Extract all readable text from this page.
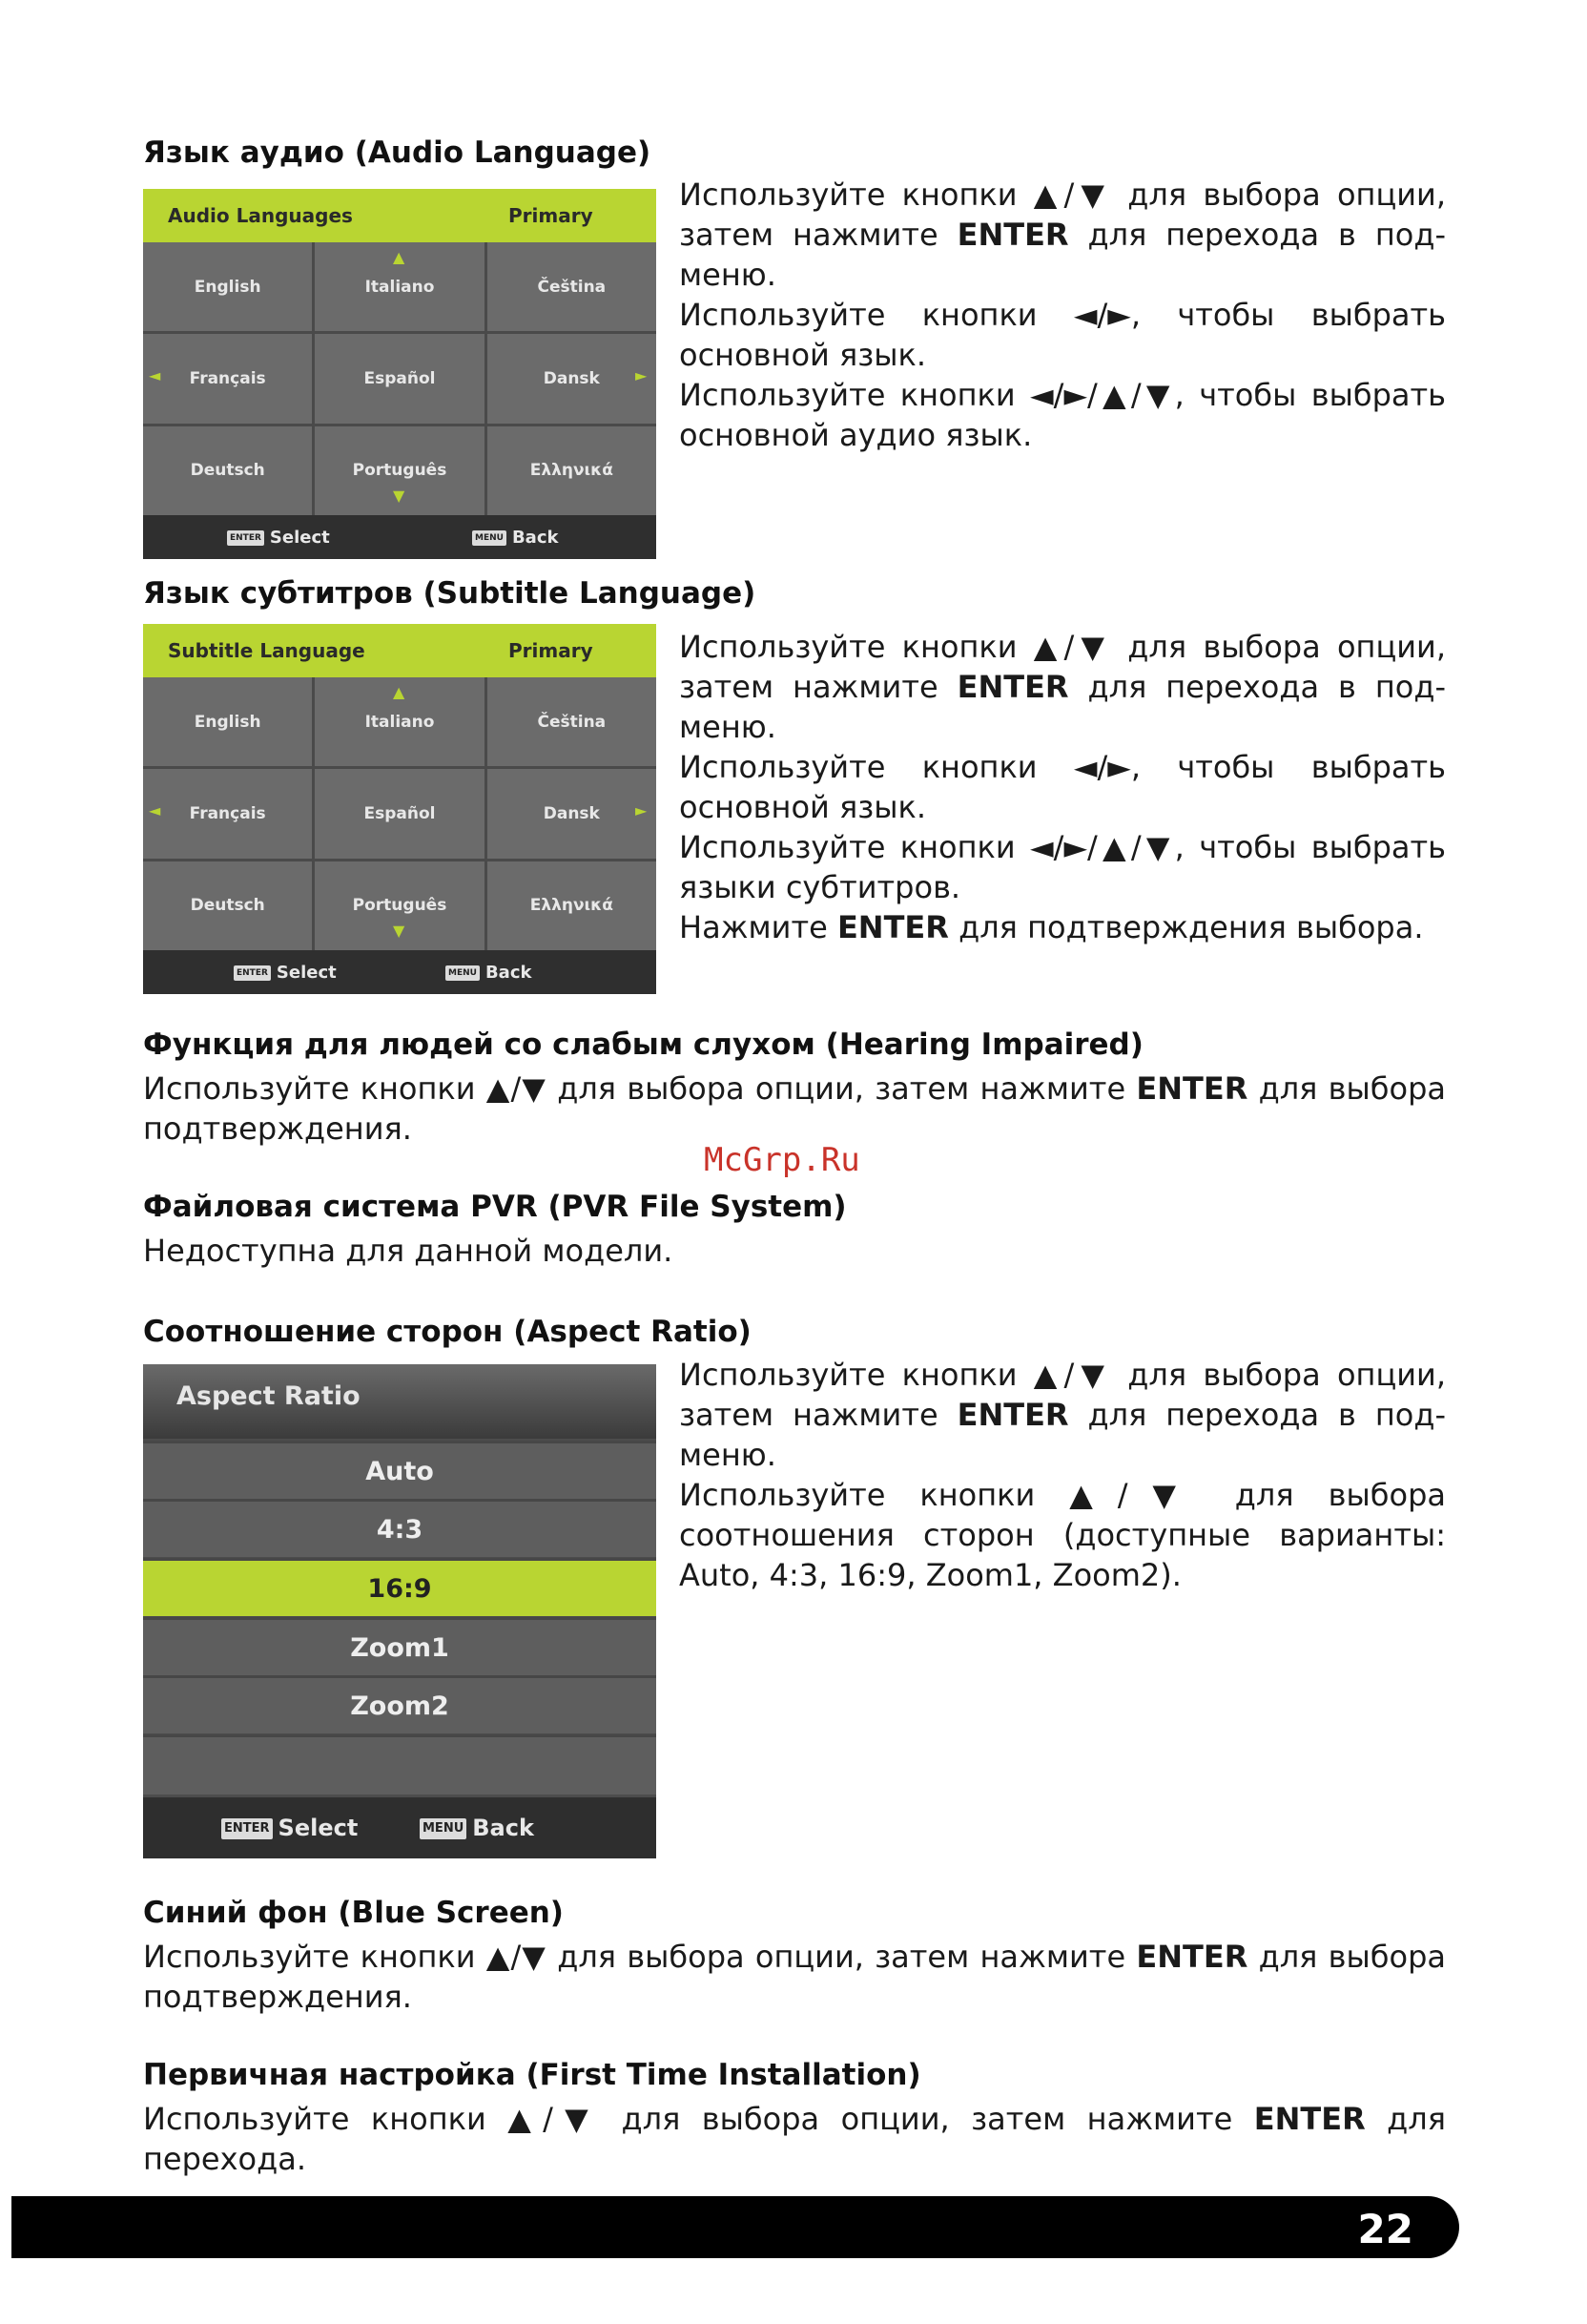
Язык аудио (Audio Language)
Audio Languages	Primary
English	Italiano	Čeština
Français	Español	Dansk
Deutsch	Português	Ελληνικά
▲
▼
◄	►
ENTER Select	MENU Back
Используйте кнопки ▲/▼ для выбора опции, затем нажмите ENTER для перехода в под-меню.
Используйте кнопки ◄/►, чтобы выбрать основной язык.
Используйте кнопки ◄/►/▲/▼, чтобы выбрать основной аудио язык.
Язык субтитров (Subtitle Language)
Subtitle Language	Primary
English	Italiano	Čeština
Français	Español	Dansk
Deutsch	Português	Ελληνικά
▲
▼
◄	►
ENTER Select	MENU Back
Используйте кнопки ▲/▼ для выбора опции, затем нажмите ENTER для перехода в под-меню.
Используйте кнопки ◄/►, чтобы выбрать основной язык.
Используйте кнопки ◄/►/▲/▼, чтобы выбрать языки субтитров.
Нажмите ENTER для подтверждения выбора.
Функция для людей со слабым слухом (Hearing Impaired)
Используйте кнопки ▲/▼ для выбора опции, затем нажмите ENTER для выбора
подтверждения.
McGrp.Ru
Файловая система PVR (PVR File System)
Недоступна для данной модели.
Соотношение сторон (Aspect Ratio)
Aspect Ratio
Auto
4:3
16:9
Zoom1
Zoom2
ENTER Select	MENU Back
Используйте кнопки ▲/▼ для выбора опции, затем нажмите ENTER для перехода в под-меню.
Используйте кнопки ▲/▼ для выбора соотношения сторон (доступные варианты: Auto, 4:3, 16:9, Zoom1, Zoom2).
Синий фон (Blue Screen)
Используйте кнопки ▲/▼ для выбора опции, затем нажмите ENTER для выбора
подтверждения.
Первичная настройка (First Time Installation)
Используйте кнопки ▲/▼ для выбора опции, затем нажмите ENTER для перехода.
22
